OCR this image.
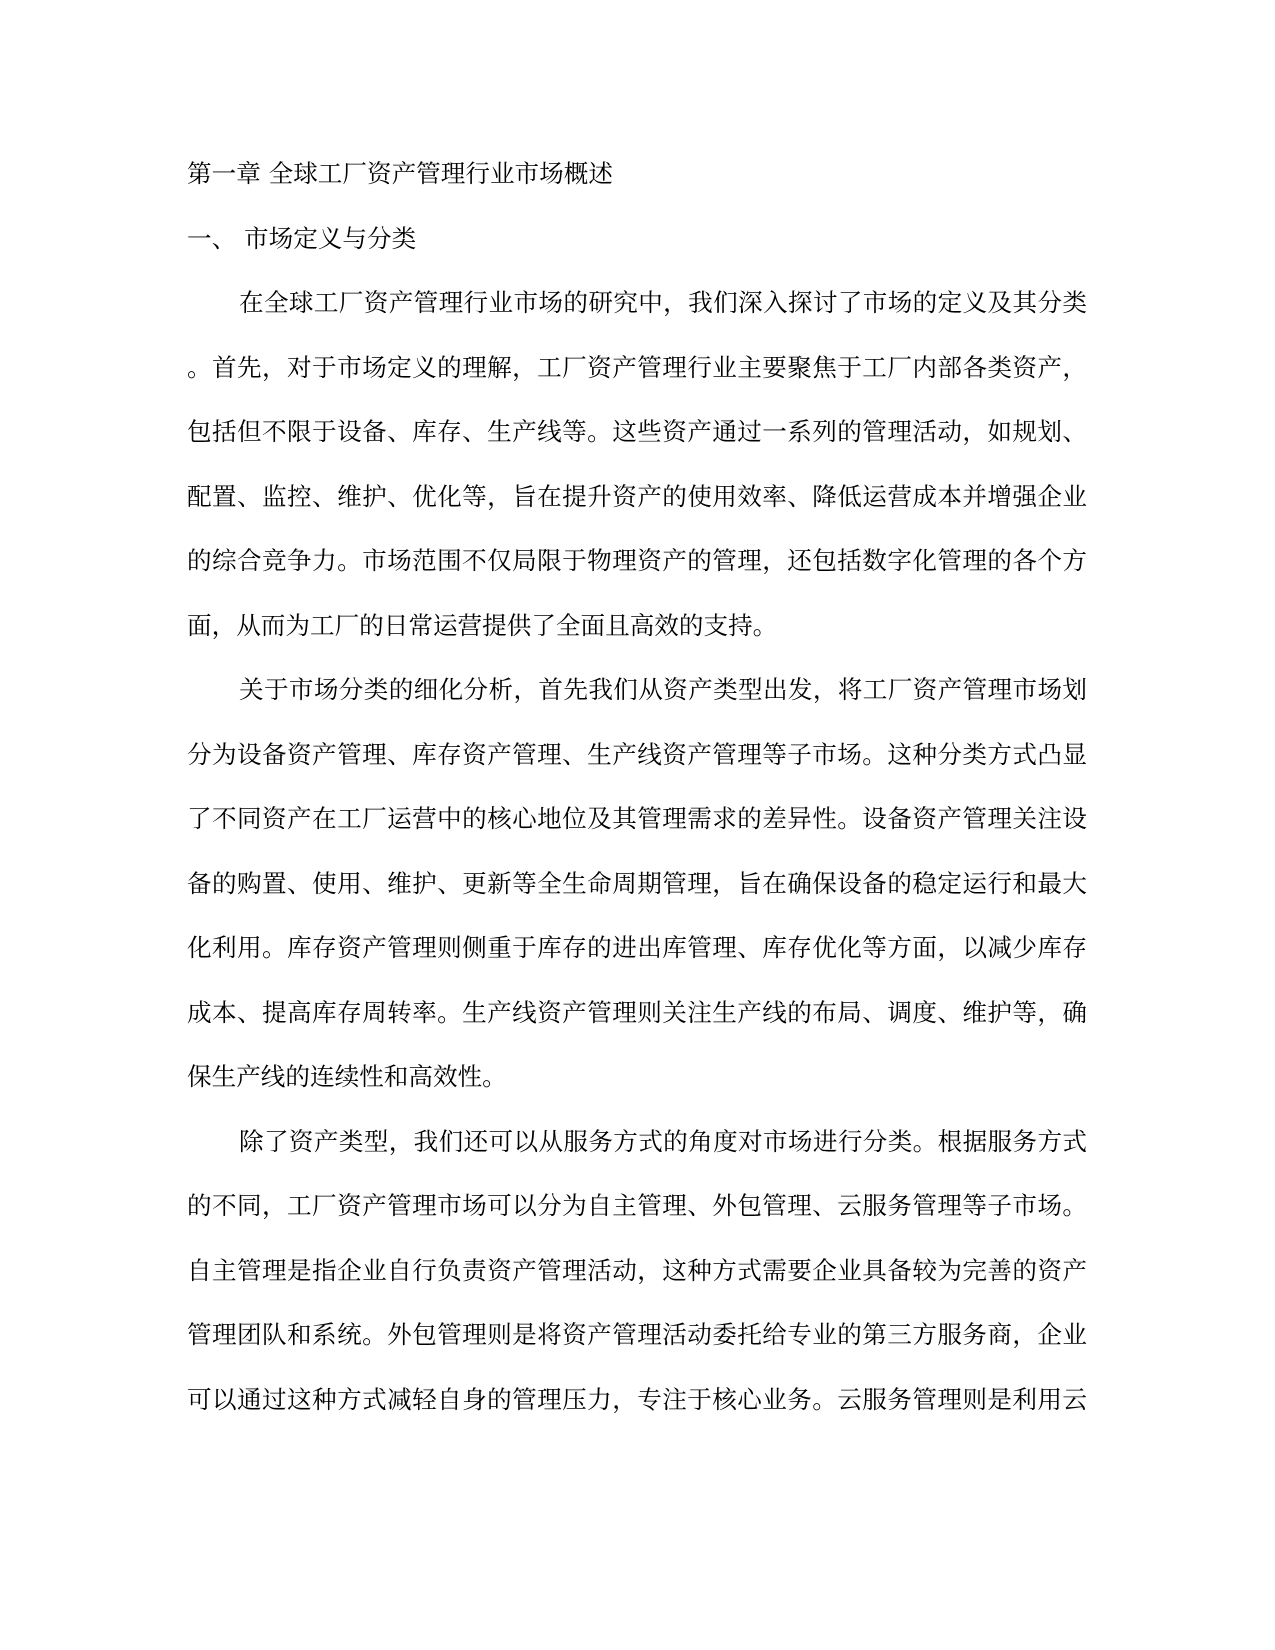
第一章 全球工厂资产管理行业市场概述
一、 市场定义与分类
在全球工厂资产管理行业市场的研究中，我们深入探讨了市场的定义及其分类
。首先，对于市场定义的理解，工厂资产管理行业主要聚焦于工厂内部各类资产，
包括但不限于设备、库存、生产线等。这些资产通过一系列的管理活动，如规划、
配置、监控、维护、优化等，旨在提升资产的使用效率、降低运营成本并增强企业
的综合竞争力。市场范围不仅局限于物理资产的管理，还包括数字化管理的各个方
面，从而为工厂的日常运营提供了全面且高效的支持。
关于市场分类的细化分析，首先我们从资产类型出发，将工厂资产管理市场划
分为设备资产管理、库存资产管理、生产线资产管理等子市场。这种分类方式凸显
了不同资产在工厂运营中的核心地位及其管理需求的差异性。设备资产管理关注设
备的购置、使用、维护、更新等全生命周期管理，旨在确保设备的稳定运行和最大
化利用。库存资产管理则侧重于库存的进出库管理、库存优化等方面，以减少库存
成本、提高库存周转率。生产线资产管理则关注生产线的布局、调度、维护等，确
保生产线的连续性和高效性。
除了资产类型，我们还可以从服务方式的角度对市场进行分类。根据服务方式
的不同，工厂资产管理市场可以分为自主管理、外包管理、云服务管理等子市场。
自主管理是指企业自行负责资产管理活动，这种方式需要企业具备较为完善的资产
管理团队和系统。外包管理则是将资产管理活动委托给专业的第三方服务商，企业
可以通过这种方式减轻自身的管理压力，专注于核心业务。云服务管理则是利用云
